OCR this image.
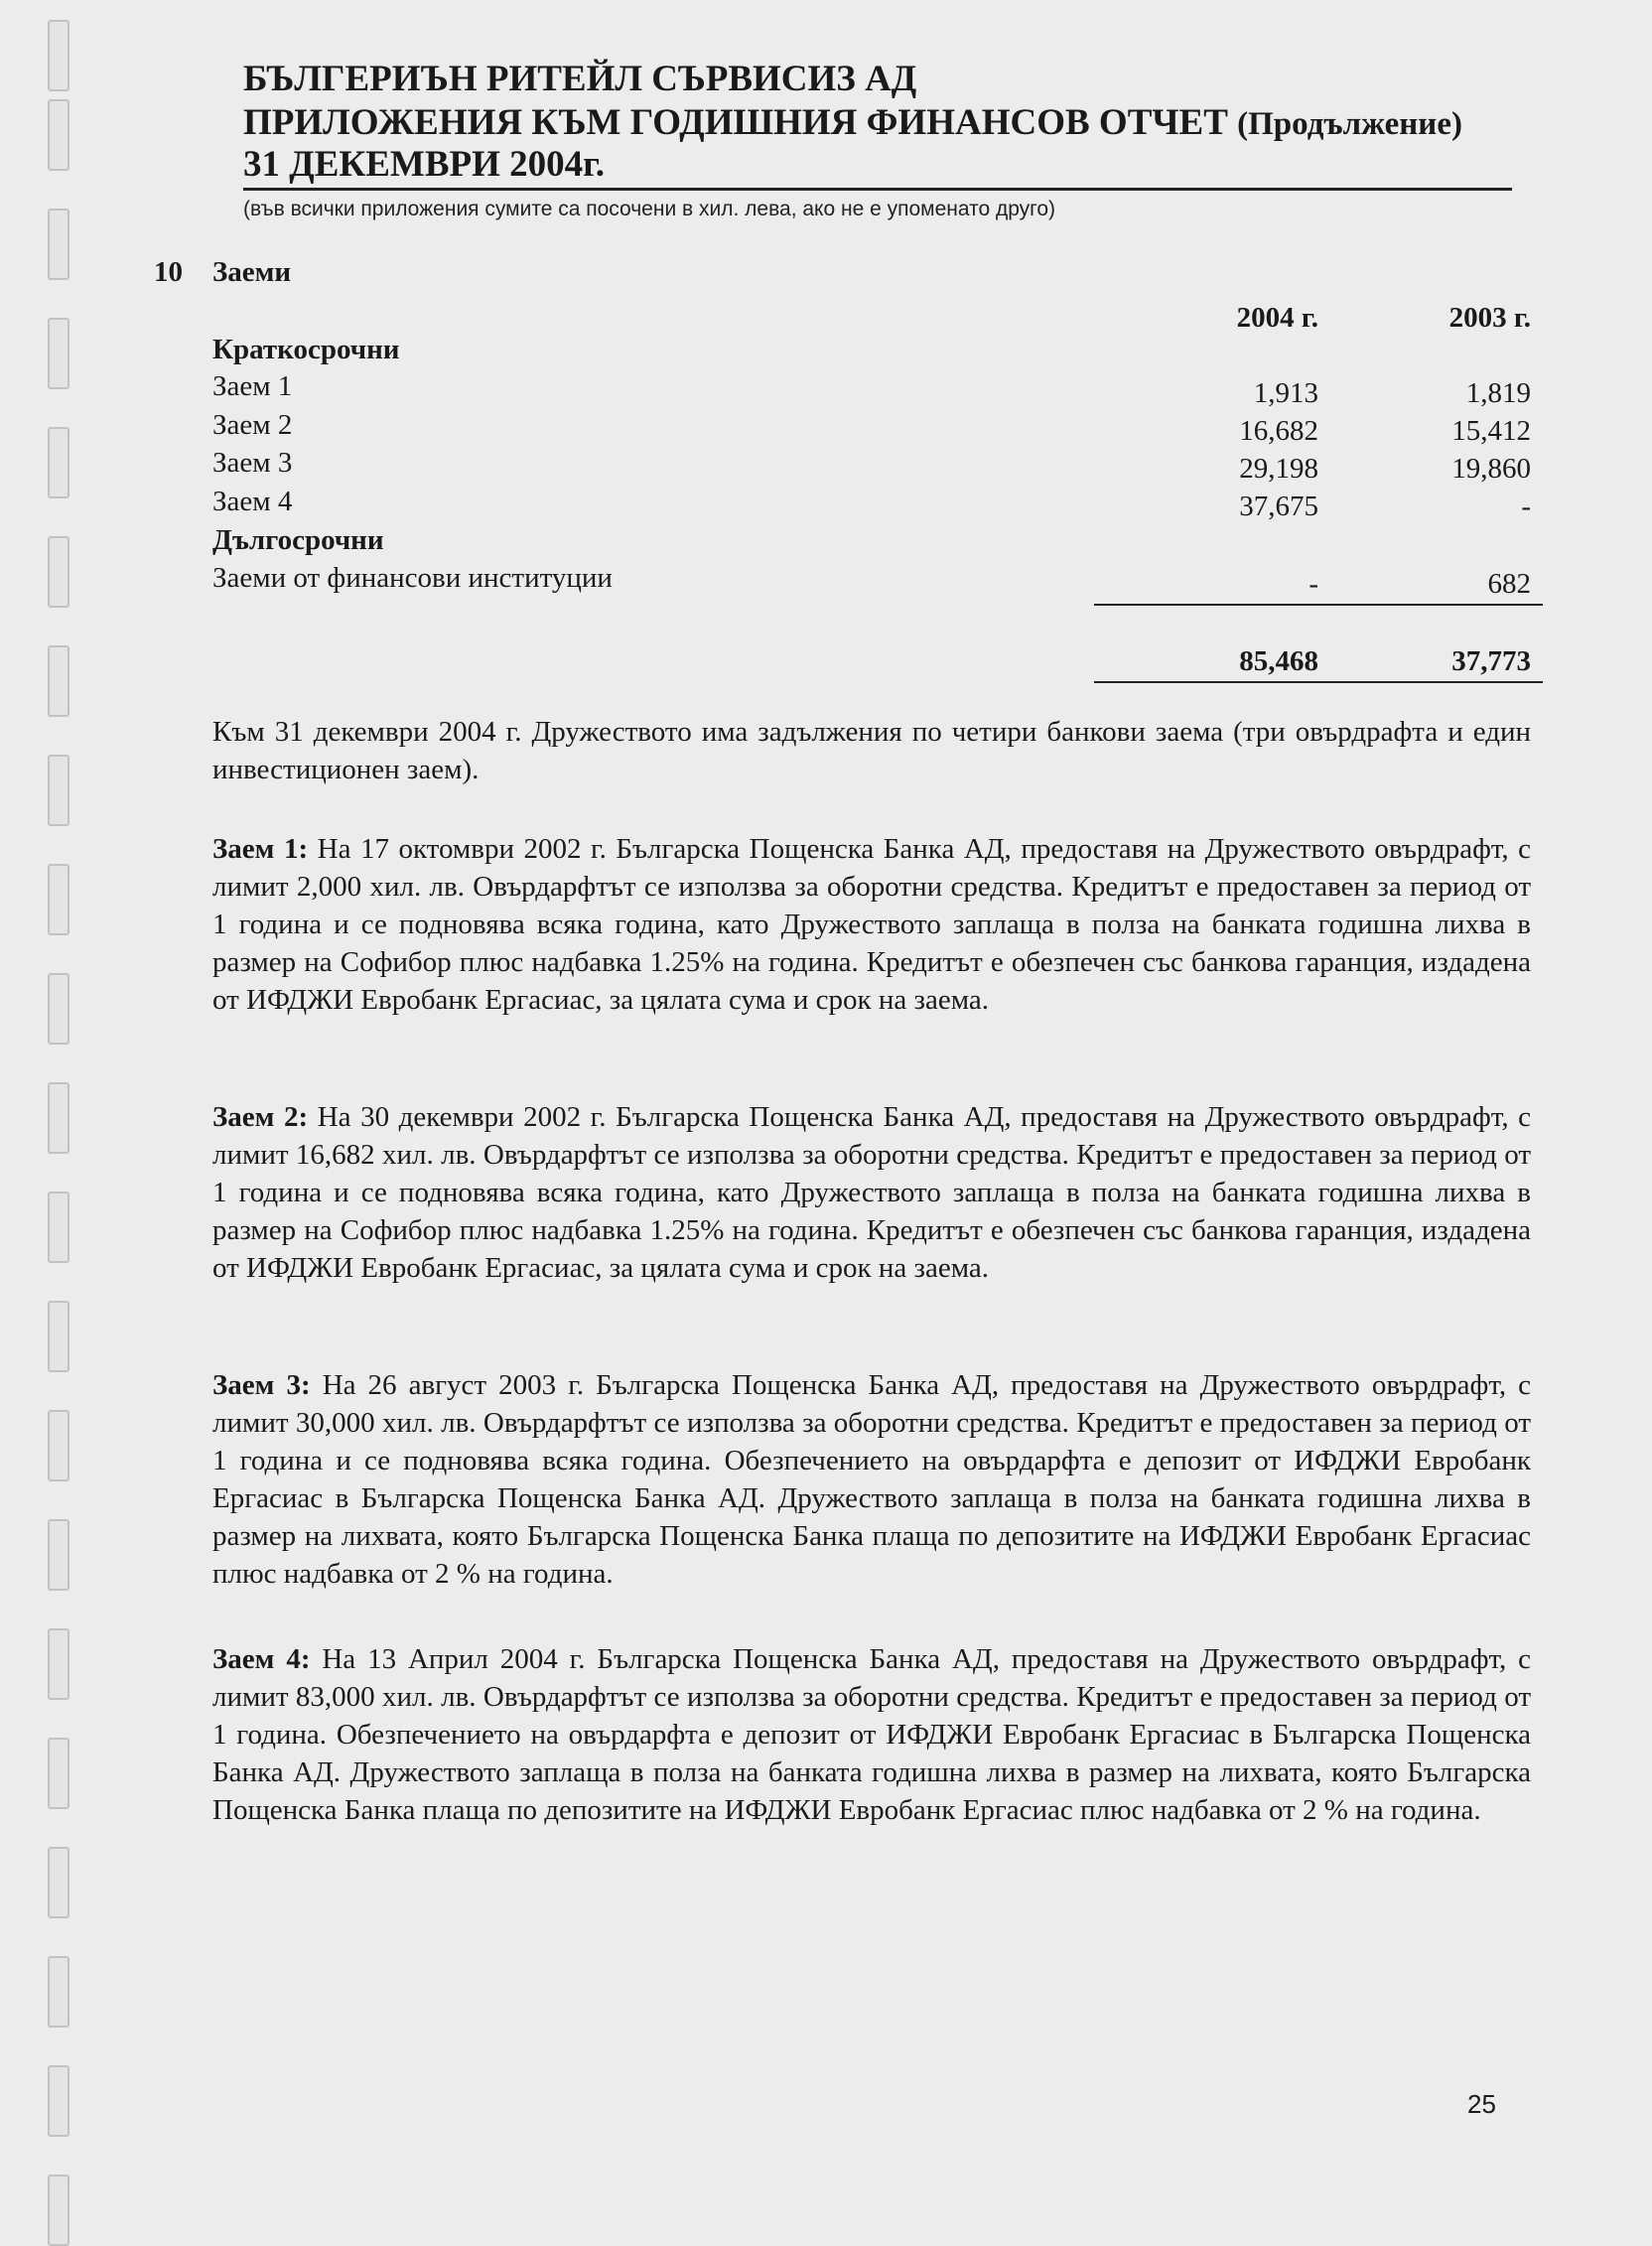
БЪЛГЕРИЪН РИТЕЙЛ СЪРВИСИЗ АД
ПРИЛОЖЕНИЯ КЪМ ГОДИШНИЯ ФИНАНСОВ ОТЧЕТ (Продължение)
31 ДЕКЕМВРИ 2004г.
(във всички приложения сумите са посочени в хил. лева, ако не е упоменато друго)
10 Заеми
2004 г.	2003 г.
Краткосрочни
Заем 1	1,913	1,819
Заем 2	16,682	15,412
Заем 3	29,198	19,860
Заем 4	37,675	-
Дългосрочни
Заеми от финансови институции	-	682
85,468	37,773

Към 31 декември 2004 г. Дружеството има задължения по четири банкови заема (три овърдрафта и един инвестиционен заем).

Заем 1: На 17 октомври 2002 г. Българска Пощенска Банка АД, предоставя на Дружеството овърдрафт, с лимит 2,000 хил. лв. Овърдарфтът се използва за оборотни средства. Кредитът е предоставен за период от 1 година и се подновява всяка година, като Дружеството заплаща в полза на банката годишна лихва в размер на Софибор плюс надбавка 1.25% на година. Кредитът е обезпечен със банкова гаранция, издадена от ИФДЖИ Евробанк Ергасиас, за цялата сума и срок на заема.

Заем 2: На 30 декември 2002 г. Българска Пощенска Банка АД, предоставя на Дружеството овърдрафт, с лимит 16,682 хил. лв. Овърдарфтът се използва за оборотни средства. Кредитът е предоставен за период от 1 година и се подновява всяка година, като Дружеството заплаща в полза на банката годишна лихва в размер на Софибор плюс надбавка 1.25% на година. Кредитът е обезпечен със банкова гаранция, издадена от ИФДЖИ Евробанк Ергасиас, за цялата сума и срок на заема.

Заем 3: На 26 август 2003 г. Българска Пощенска Банка АД, предоставя на Дружеството овърдрафт, с лимит 30,000 хил. лв. Овърдарфтът се използва за оборотни средства. Кредитът е предоставен за период от 1 година и се подновява всяка година. Обезпечението на овърдарфта е депозит от ИФДЖИ Евробанк Ергасиас в Българска Пощенска Банка АД. Дружеството заплаща в полза на банката годишна лихва в размер на лихвата, която Българска Пощенска Банка плаща по депозитите на ИФДЖИ Евробанк Ергасиас плюс надбавка от 2 % на година.

Заем 4: На 13 Април 2004 г. Българска Пощенска Банка АД, предоставя на Дружеството овърдрафт, с лимит 83,000 хил. лв. Овърдарфтът се използва за оборотни средства. Кредитът е предоставен за период от 1 година. Обезпечението на овърдарфта е депозит от ИФДЖИ Евробанк Ергасиас в Българска Пощенска Банка АД. Дружеството заплаща в полза на банката годишна лихва в размер на лихвата, която Българска Пощенска Банка плаща по депозитите на ИФДЖИ Евробанк Ергасиас плюс надбавка от 2 % на година.

25
